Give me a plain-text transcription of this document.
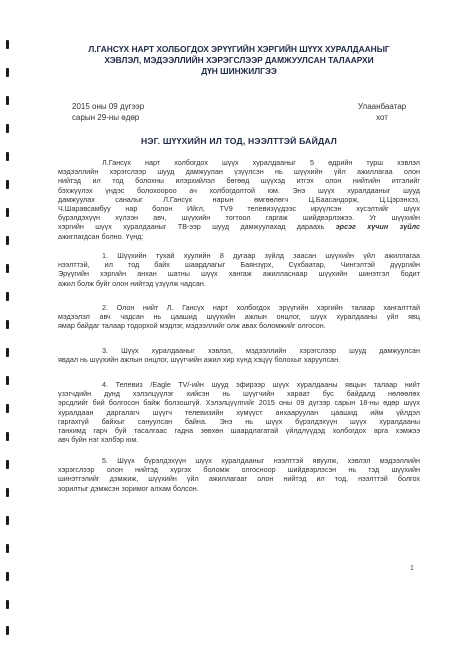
Л.ГАНСҮХ НАРТ ХОЛБОГДОХ ЭРҮҮГИЙН ХЭРГИЙН ШҮҮХ ХУРАЛДААНЫГ
ХЭВЛЭЛ, МЭДЭЭЛЛИЙН ХЭРЭГСЛЭЭР ДАМЖУУЛСАН ТАЛААРХИ
ДҮН ШИНЖИЛГЭЭ
2015 оны 09 дүгээр
сарын 29-ны өдөр
Улаанбаатар
хот
НЭГ. ШҮҮХИЙН ИЛ ТОД, НЭЭЛТТЭЙ БАЙДАЛ
Л.Гансүх нарт холбогдох шүүх хуралдааныг 5 өдрийн турш хэвлэл
мэдээллийн хэрэгслээр шууд дамжуулан үзүүлсэн нь шүүхийн үйл ажиллагаа олон
нийтэд ил тод болохны илэрхийлэл бөгөөд шүүхэд итгэх олон нийтийн итгэлийг
бэхжүүлэх үндэс болохоороо ач холбогдолтой юм. Энэ шүүх хуралдааныг шууд
дамжуулах саналыг Л.Гансүх нарын өмгөөлөгч Ц.Баасандорж, Ц.Цэрэнхэз,
Ч.Шаравсамбуу нар болон Ийгл, TV9 телевизүүдээс ирүүлсэн хүсэлтийг шүүх
бүрэлдэхүүн хүлээн авч, шүүхийн тогтоол гаргаж шийдвэрлэжээ. Уг шүүхийн
хэргийн шүүх хуралдааныг ТВ-ээр шууд дамжуулахад дараахь эрсэг хүчин зүйлс
ажиглагдсан болно. Үүнд:
1. Шүүхийн тухай хуулийн 8 дугаар зүйлд заасан шүүхийн үйл ажиллагаа
нээлттэй, ил тод байх шаардлагыг Баянзүрх, Сүхбаатар, Чингэлтэй дүүргийн
Эрүүгийн хэргийн анхан шатны шүүх хангаж ажилласнаар шүүхийн шинэтгэл бодит
ажил болж буйг олон нийтэд үзүүлж чадсан.
2. Олон нийт Л. Гансүх нарт холбогдох эрүүгийн хэргийн талаар хангалттай
мэдээлэл авч чадсан нь цаашид шүүхийн ажлын онцлог, шүүх хуралдааны үйл явц
ямар байдаг талаар тодорхой мэдлэг, мэдээллийг олж авах боломжийг олгосон.
3. Шүүх хуралдааныг хэвлэл, мэдээллийн хэрэгслээр шууд дамжуулсан
явдал нь шүүхийн ажлын онцлог, шүүгчийн ажил хир хүнд хэцүү болохыг харуулсан.
4. Телевиз /Eagle TV/-ийн шууд эфирээр шүүх хуралдааны явцын талаар нийт
үзэгчдийн дунд хэлэлцүүлэг хийсэн нь шүүгчийн хараат бус байдалд нөлөөлөх
эрсдлийг бий болгосон байж болзошгүй. Хэлэлцүүлгийг 2015 оны 09 дүгээр сарын 18-ны өдөр шүүх
хуралдаан даргалагч шүүгч телевизийн хүмүүст анхааруулан цаашид ийм үйлдэл
гаргахгүй байхыг сануулсан байна. Энэ нь шүүх бүрэлдэхүүн шүүх хуралдааны
танхимд гарч буй тасалгаас гадна зөвхөн шаардлагатай үйлдлүүдэд холбогдох арга хэмжээ
авч буйн нэг хэлбэр юм.
5. Шүүх бүрэлдэхүүн шүүх хуралдааныг нээлттэй явуулж, хэвлэл мэдээллийн
хэрэгслээр олон нийтэд хүргэх боломж олгосноор шийдвэрлэсэн нь тэд шүүхийн
шинэтгэлийг дэмжиж, шүүхийн үйл ажиллагааг олон нийтэд ил тод, нээлттэй болгох
зорилтыг дэмжсэн зоримог алхам болсон.
1
